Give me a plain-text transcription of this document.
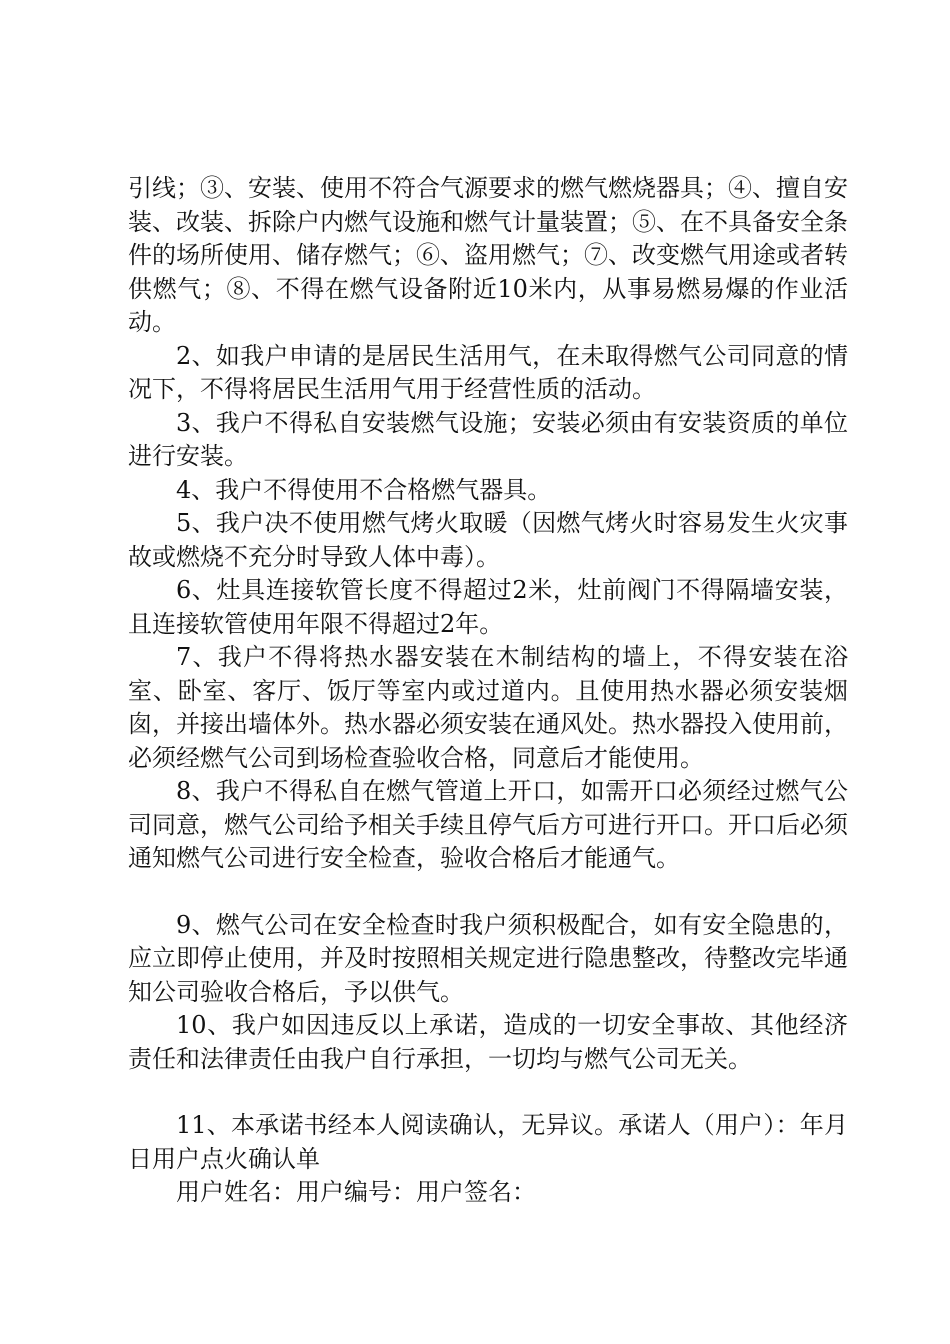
引线；③、安装、使用不符合气源要求的燃气燃烧器具；④、擅自安装、改装、拆除户内燃气设施和燃气计量装置；⑤、在不具备安全条件的场所使用、储存燃气；⑥、盗用燃气；⑦、改变燃气用途或者转供燃气；⑧、不得在燃气设备附近10米内，从事易燃易爆的作业活动。

2、如我户申请的是居民生活用气，在未取得燃气公司同意的情况下，不得将居民生活用气用于经营性质的活动。

3、我户不得私自安装燃气设施；安装必须由有安装资质的单位进行安装。

4、我户不得使用不合格燃气器具。

5、我户决不使用燃气烤火取暖（因燃气烤火时容易发生火灾事故或燃烧不充分时导致人体中毒）。

6、灶具连接软管长度不得超过2米，灶前阀门不得隔墙安装，且连接软管使用年限不得超过2年。

7、我户不得将热水器安装在木制结构的墙上，不得安装在浴室、卧室、客厅、饭厅等室内或过道内。且使用热水器必须安装烟囱，并接出墙体外。热水器必须安装在通风处。热水器投入使用前，必须经燃气公司到场检查验收合格，同意后才能使用。

8、我户不得私自在燃气管道上开口，如需开口必须经过燃气公司同意，燃气公司给予相关手续且停气后方可进行开口。开口后必须通知燃气公司进行安全检查，验收合格后才能通气。

9、燃气公司在安全检查时我户须积极配合，如有安全隐患的，应立即停止使用，并及时按照相关规定进行隐患整改，待整改完毕通知公司验收合格后，予以供气。

10、我户如因违反以上承诺，造成的一切安全事故、其他经济责任和法律责任由我户自行承担，一切均与燃气公司无关。

11、本承诺书经本人阅读确认，无异议。承诺人（用户）：年月日用户点火确认单

用户姓名：用户编号：用户签名：
